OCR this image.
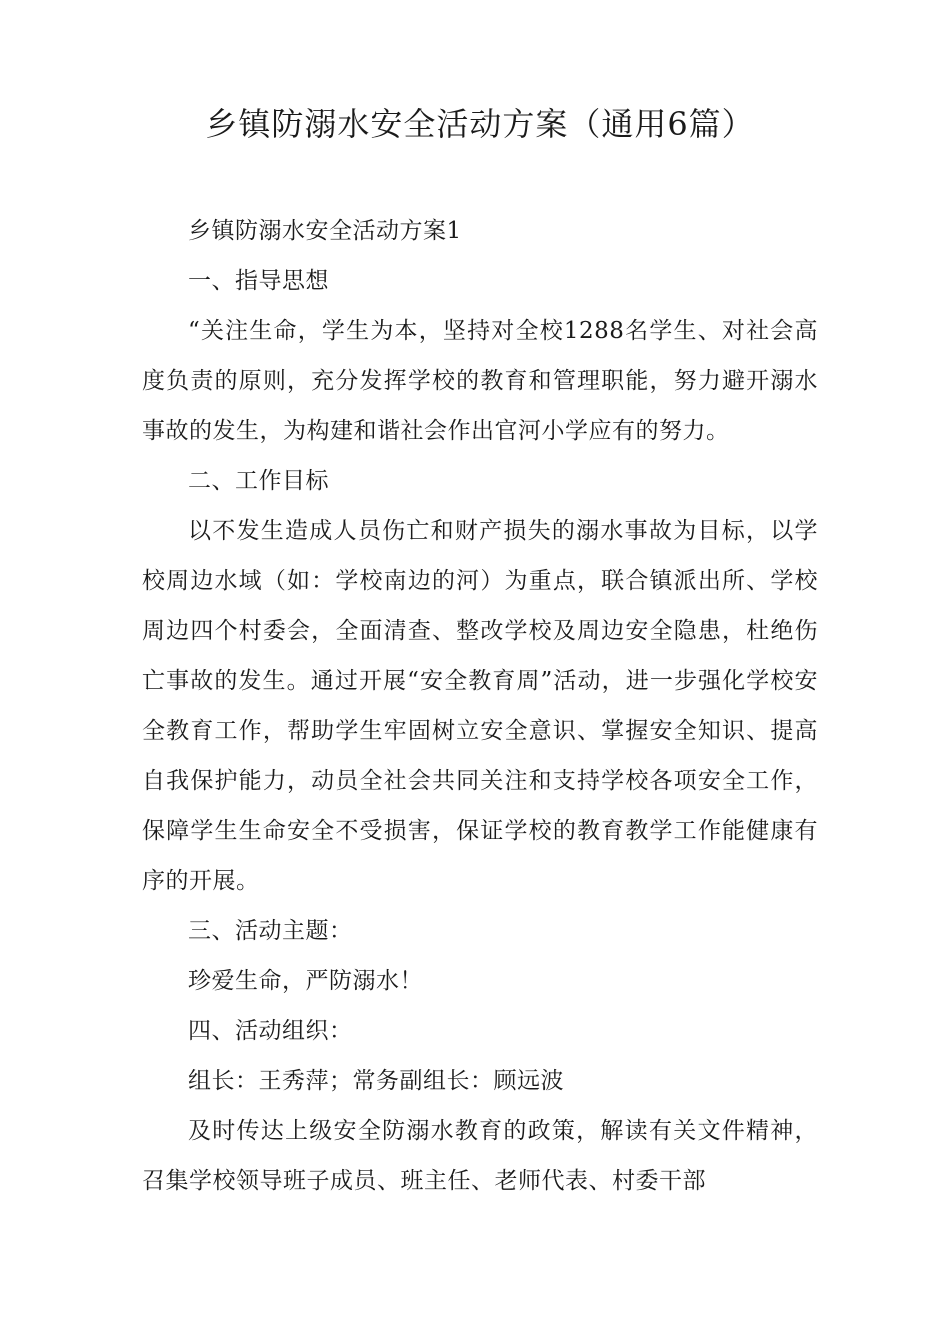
乡镇防溺水安全活动方案（通用6篇）

乡镇防溺水安全活动方案1

一、指导思想

“关注生命，学生为本，坚持对全校1288名学生、对社会高度负责的原则，充分发挥学校的教育和管理职能，努力避开溺水事故的发生，为构建和谐社会作出官河小学应有的努力。

二、工作目标

以不发生造成人员伤亡和财产损失的溺水事故为目标，以学校周边水域（如：学校南边的河）为重点，联合镇派出所、学校周边四个村委会，全面清查、整改学校及周边安全隐患，杜绝伤亡事故的发生。通过开展“安全教育周”活动，进一步强化学校安全教育工作，帮助学生牢固树立安全意识、掌握安全知识、提高自我保护能力，动员全社会共同关注和支持学校各项安全工作，保障学生生命安全不受损害，保证学校的教育教学工作能健康有序的开展。

三、活动主题：

珍爱生命，严防溺水！

四、活动组织：

组长：王秀萍；常务副组长：顾远波

及时传达上级安全防溺水教育的政策，解读有关文件精神，召集学校领导班子成员、班主任、老师代表、村委干部
